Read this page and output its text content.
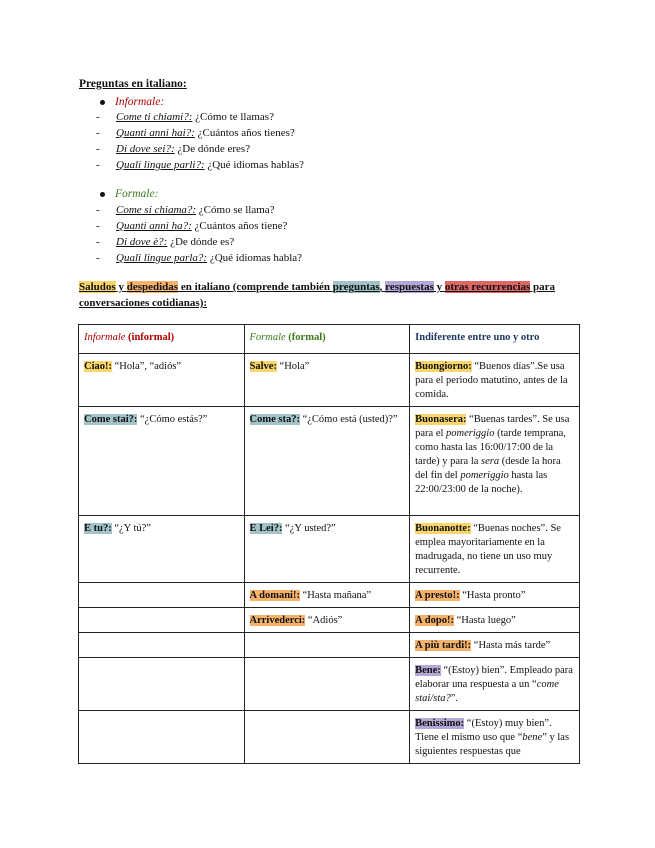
Preguntas en italiano:
Informale:
- Come ti chiami?: ¿Cómo te llamas?
- Quanti anni hai?: ¿Cuántos años tienes?
- Di dove sei?: ¿De dónde eres?
- Quali lingue parli?: ¿Qué idiomas hablas?
Formale:
- Come si chiama?: ¿Cómo se llama?
- Quanti anni ha?: ¿Cuántos años tiene?
- Di dove è?: ¿De dónde es?
- Quali lingue parla?: ¿Qué idiomas habla?
Saludos y despedidas en italiano (comprende también preguntas, respuestas y otras recurrencias para conversaciones cotidianas):
Informale (informal)	Formale (formal)	Indiferente entre uno y otro
Ciao!: “Hola”, “adiós”	Salve: “Hola”	Buongiorno: “Buenos días”.Se usa para el periodo matutino, antes de la comida.
Come stai?: “¿Cómo estás?”	Come sta?: “¿Cómo está (usted)?”	Buonasera: “Buenas tardes”. Se usa para el pomeriggio (tarde temprana, como hasta las 16:00/17:00 de la tarde) y para la sera (desde la hora del fin del pomeriggio hasta las 22:00/23:00 de la noche).
E tu?: “¿Y tú?”	E Lei?: “¿Y usted?”	Buonanotte: “Buenas noches”. Se emplea mayoritariamente en la madrugada, no tiene un uso muy recurrente.
	A domani!: “Hasta mañana”	A presto!: “Hasta pronto”
	Arrivederci: “Adiós”	A dopo!: “Hasta luego”
		A più tardi!: “Hasta más tarde”
		Bene: “(Estoy) bien”. Empleado para elaborar una respuesta a un “come stai/sta?”.
		Benissimo: “(Estoy) muy bien”. Tiene el mismo uso que “bene” y las siguientes respuestas que
